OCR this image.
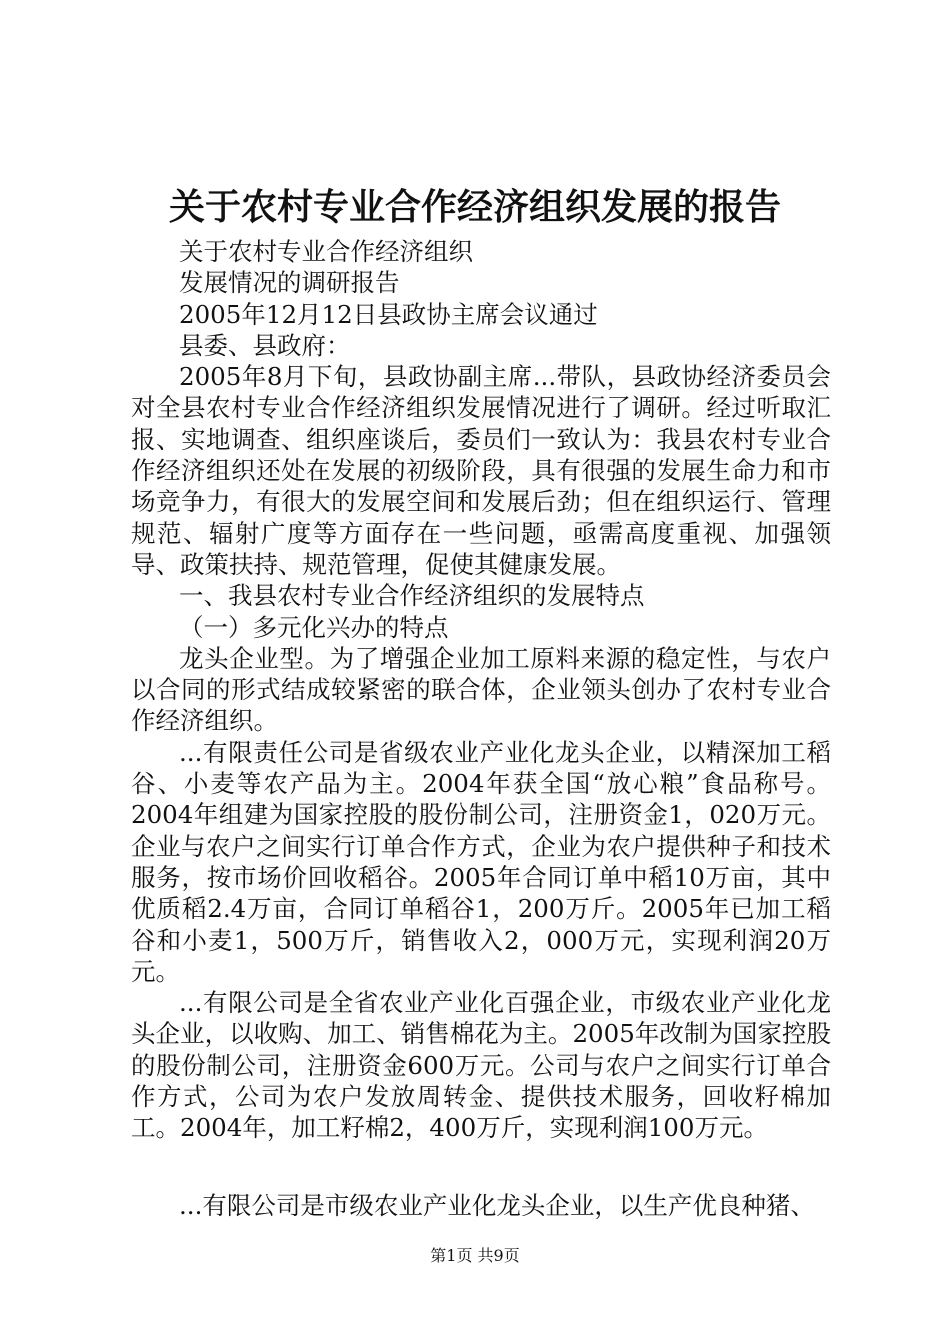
关于农村专业合作经济组织发展的报告

关于农村专业合作经济组织

发展情况的调研报告

2005年12月12日县政协主席会议通过

县委、县政府：

2005年8月下旬，县政协副主席...带队，县政协经济委员会对全县农村专业合作经济组织发展情况进行了调研。经过听取汇报、实地调查、组织座谈后，委员们一致认为：我县农村专业合作经济组织还处在发展的初级阶段，具有很强的发展生命力和市场竞争力，有很大的发展空间和发展后劲；但在组织运行、管理规范、辐射广度等方面存在一些问题，亟需高度重视、加强领导、政策扶持、规范管理，促使其健康发展。

一、我县农村专业合作经济组织的发展特点

（一）多元化兴办的特点

龙头企业型。为了增强企业加工原料来源的稳定性，与农户以合同的形式结成较紧密的联合体，企业领头创办了农村专业合作经济组织。

...有限责任公司是省级农业产业化龙头企业，以精深加工稻谷、小麦等农产品为主。2004年获全国“放心粮”食品称号。2004年组建为国家控股的股份制公司，注册资金1，020万元。企业与农户之间实行订单合作方式，企业为农户提供种子和技术服务，按市场价回收稻谷。2005年合同订单中稻10万亩，其中优质稻2.4万亩，合同订单稻谷1，200万斤。2005年已加工稻谷和小麦1，500万斤，销售收入2，000万元，实现利润20万元。

...有限公司是全省农业产业化百强企业，市级农业产业化龙头企业，以收购、加工、销售棉花为主。2005年改制为国家控股的股份制公司，注册资金600万元。公司与农户之间实行订单合作方式，公司为农户发放周转金、提供技术服务，回收籽棉加工。2004年，加工籽棉2，400万斤，实现利润100万元。

...有限公司是市级农业产业化龙头企业，以生产优良种猪、

第1页 共9页
